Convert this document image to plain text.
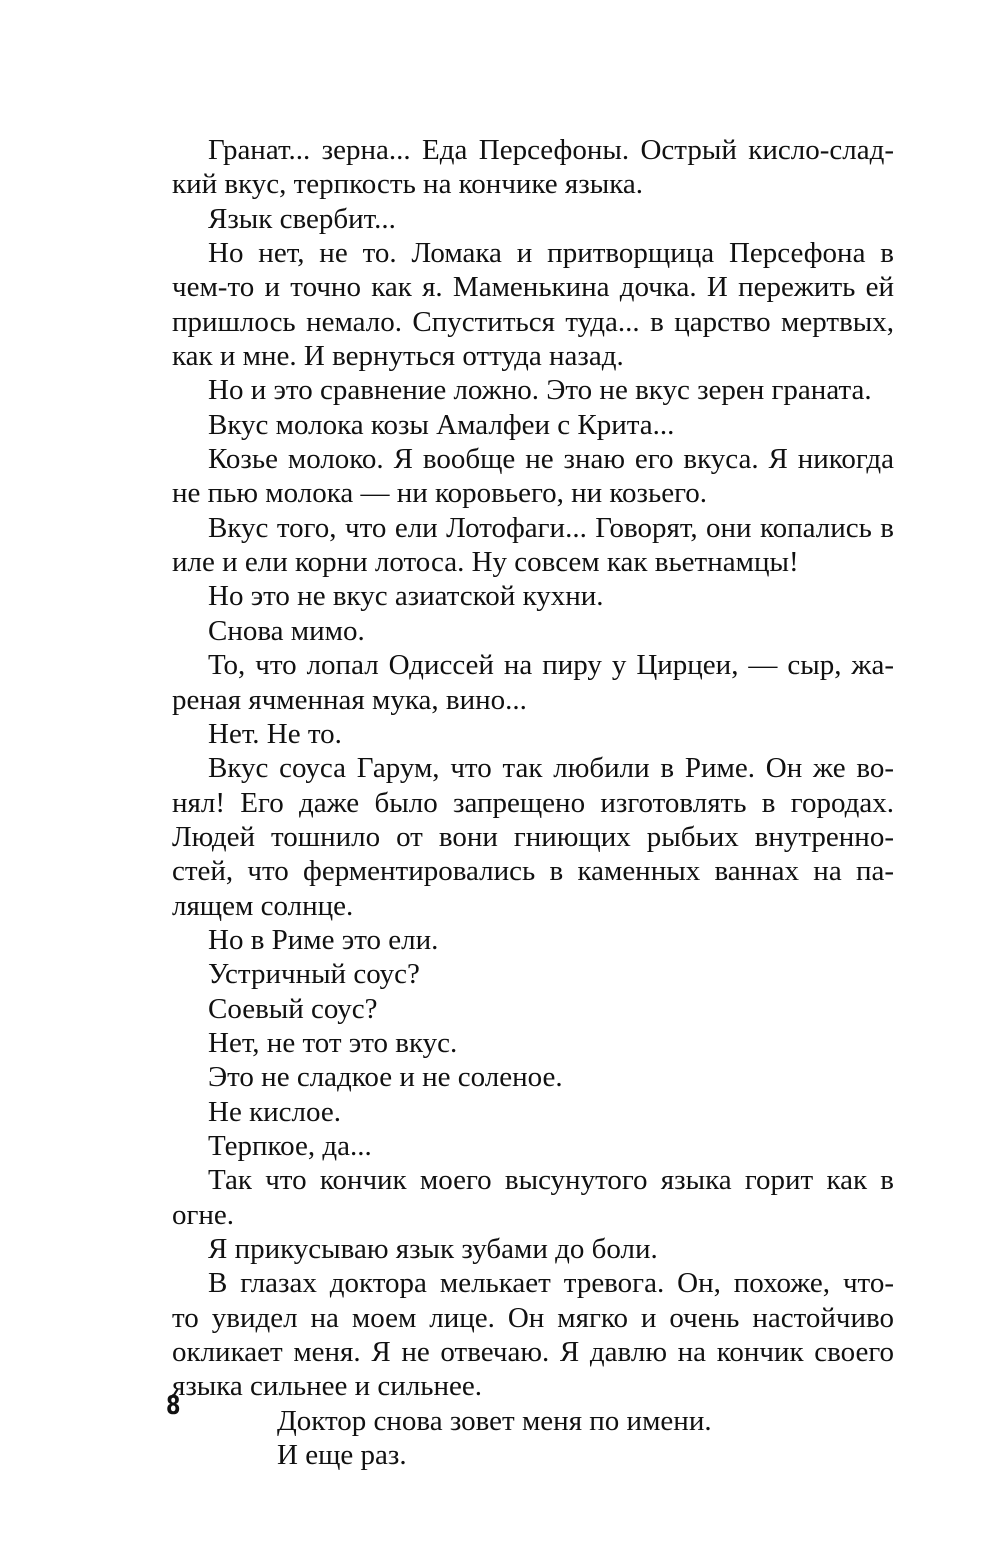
Гранат... зерна... Еда Персефоны. Острый кисло-слад-
кий вкус, терпкость на кончике языка.
Язык свербит...
Но нет, не то. Ломака и притворщица Персефона в
чем-то и точно как я. Маменькина дочка. И пережить ей
пришлось немало. Спуститься туда... в царство мертвых,
как и мне. И вернуться оттуда назад.
Но и это сравнение ложно. Это не вкус зерен граната.
Вкус молока козы Амалфеи с Крита...
Козье молоко. Я вообще не знаю его вкуса. Я никогда
не пью молока — ни коровьего, ни козьего.
Вкус того, что ели Лотофаги... Говорят, они копались в
иле и ели корни лотоса. Ну совсем как вьетнамцы!
Но это не вкус азиатской кухни.
Снова мимо.
То, что лопал Одиссей на пиру у Цирцеи, — сыр, жа-
реная ячменная мука, вино...
Нет. Не то.
Вкус соуса Гарум, что так любили в Риме. Он же во-
нял! Его даже было запрещено изготовлять в городах.
Людей тошнило от вони гниющих рыбьих внутренно-
стей, что ферментировались в каменных ваннах на па-
лящем солнце.
Но в Риме это ели.
Устричный соус?
Соевый соус?
Нет, не тот это вкус.
Это не сладкое и не соленое.
Не кислое.
Терпкое, да...
Так что кончик моего высунутого языка горит как в
огне.
Я прикусываю язык зубами до боли.
В глазах доктора мелькает тревога. Он, похоже, что-
то увидел на моем лице. Он мягко и очень настойчиво
окликает меня. Я не отвечаю. Я давлю на кончик своего
языка сильнее и сильнее.
Доктор снова зовет меня по имени.
И еще раз.
8
